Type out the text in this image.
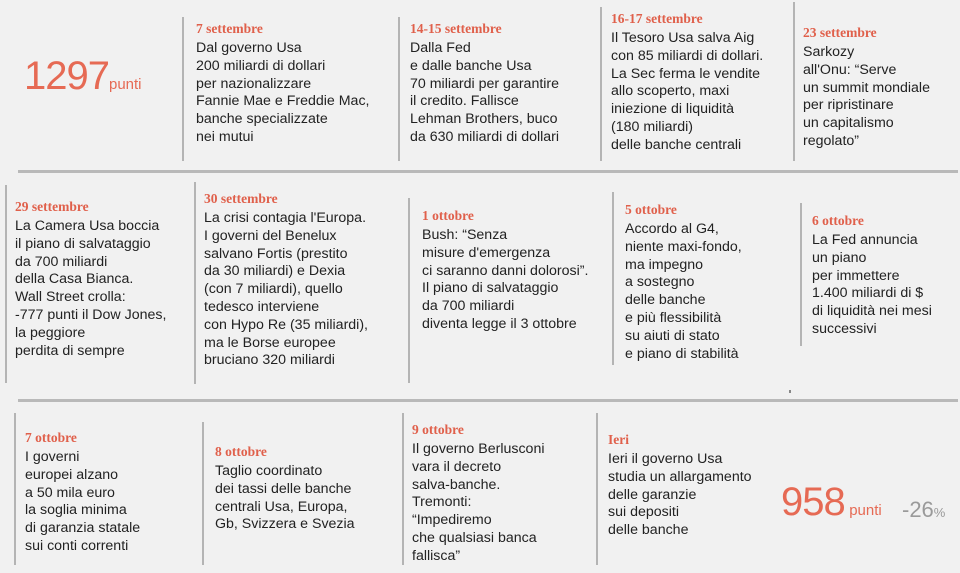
1297punti
958 punti -26%
7 settembre
Dal governo Usa
200 miliardi di dollari
per nazionalizzare
Fannie Mae e Freddie Mac,
banche specializzate
nei mutui
14-15 settembre
Dalla Fed
e dalle banche Usa
70 miliardi per garantire
il credito. Fallisce
Lehman Brothers, buco
da 630 miliardi di dollari
16-17 settembre
Il Tesoro Usa salva Aig
con 85 miliardi di dollari.
La Sec ferma le vendite
allo scoperto, maxi
iniezione di liquidità
(180 miliardi)
delle banche centrali
23 settembre
Sarkozy
all'Onu: “Serve
un summit mondiale
per ripristinare
un capitalismo
regolato”
29 settembre
La Camera Usa boccia
il piano di salvataggio
da 700 miliardi
della Casa Bianca.
Wall Street crolla:
-777 punti il Dow Jones,
la peggiore
perdita di sempre
30 settembre
La crisi contagia l'Europa.
I governi del Benelux
salvano Fortis (prestito
da 30 miliardi) e Dexia
(con 7 miliardi), quello
tedesco interviene
con Hypo Re (35 miliardi),
ma le Borse europee
bruciano 320 miliardi
1 ottobre
Bush: “Senza
misure d'emergenza
ci saranno danni dolorosi”.
Il piano di salvataggio
da 700 miliardi
diventa legge il 3 ottobre
5 ottobre
Accordo al G4,
niente maxi-fondo,
ma impegno
a sostegno
delle banche
e più flessibilità
su aiuti di stato
e piano di stabilità
6 ottobre
La Fed annuncia
un piano
per immettere
1.400 miliardi di $
di liquidità nei mesi
successivi
7 ottobre
I governi
europei alzano
a 50 mila euro
la soglia minima
di garanzia statale
sui conti correnti
8 ottobre
Taglio coordinato
dei tassi delle banche
centrali Usa, Europa,
Gb, Svizzera e Svezia
9 ottobre
Il governo Berlusconi
vara il decreto
salva-banche.
Tremonti:
“Impediremo
che qualsiasi banca
fallisca”
Ieri
Ieri il governo Usa
studia un allargamento
delle garanzie
sui depositi
delle banche
